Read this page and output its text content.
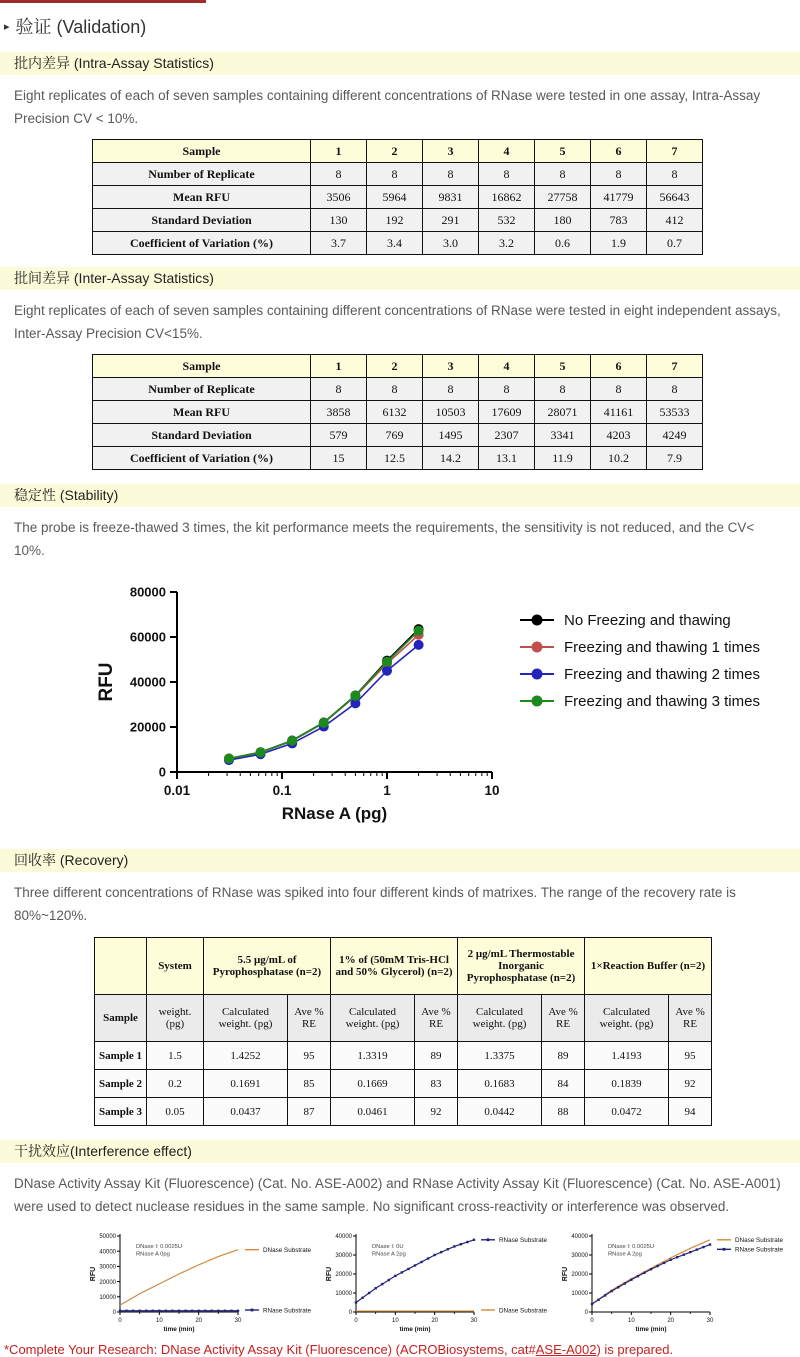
▸ 验证 (Validation)
批内差异 (Intra-Assay Statistics)

Eight replicates of each of seven samples containing different concentrations of RNase were tested in one assay, Intra-Assay Precision CV < 10%.

Sample	1	2	3	4	5	6	7
Number of Replicate	8	8	8	8	8	8	8
Mean RFU	3506	5964	9831	16862	27758	41779	56643
Standard Deviation	130	192	291	532	180	783	412
Coefficient of Variation (%)	3.7	3.4	3.0	3.2	0.6	1.9	0.7
批间差异 (Inter-Assay Statistics)

Eight replicates of each of seven samples containing different concentrations of RNase were tested in eight independent assays, Inter-Assay Precision CV<15%.

Sample	1	2	3	4	5	6	7
Number of Replicate	8	8	8	8	8	8	8
Mean RFU	3858	6132	10503	17609	28071	41161	53533
Standard Deviation	579	769	1495	2307	3341	4203	4249
Coefficient of Variation (%)	15	12.5	14.2	13.1	11.9	10.2	7.9
稳定性 (Stability)

The probe is freeze-thawed 3 times, the kit performance meets the requirements, the sensitivity is not reduced, and the CV< 10%.

0
20000
40000
60000
80000
0.01	0.1	1	10
RNase A (pg)
RFU
No Freezing and thawing
Freezing and thawing 1 times
Freezing and thawing 2 times
Freezing and thawing 3 times
回收率 (Recovery)

Three different concentrations of RNase was spiked into four different kinds of matrixes. The range of the recovery rate is 80%~120%.

	System	5.5 μg/mL of Pyrophosphatase (n=2)		1% of (50mM Tris-HCl and 50% Glycerol) (n=2)		2 μg/mL Thermostable Inorganic Pyrophosphatase (n=2)		1×Reaction Buffer (n=2)	
Sample	weight. (pg)	Calculated weight. (pg)	Ave % RE	Calculated weight. (pg)	Ave % RE	Calculated weight. (pg)	Ave % RE	Calculated weight. (pg)	Ave % RE
Sample 1	1.5	1.4252	95	1.3319	89	1.3375	89	1.4193	95
Sample 2	0.2	0.1691	85	0.1669	83	0.1683	84	0.1839	92
Sample 3	0.05	0.0437	87	0.0461	92	0.0442	88	0.0472	94
干扰效应(Interference effect)

DNase Activity Assay Kit (Fluorescence) (Cat. No. ASE-A002) and RNase Activity Assay Kit (Fluorescence) (Cat. No. ASE-A001) were used to detect nuclease residues in the same sample. No significant cross-reactivity or interference was observed.

0
10000
20000
30000
40000
50000
0	10	20	30
time (min)
RFU
DNase I: 0.0025U
RNase A 0pg
DNase Substrate
RNase Substrate	0
10000
20000
30000
40000
0	10	20	30
time (min)
RFU
DNase I: 0U
RNase A 2pg
RNase Substrate
DNase Substrate	0
10000
20000
30000
40000
0	10	20	30
time (min)
RFU
DNase I: 0.0025U
RNase A 2pg
DNase Substrate
RNase Substrate

*Complete Your Research: DNase Activity Assay Kit (Fluorescence) (ACROBiosystems, cat#ASE-A002) is prepared.
